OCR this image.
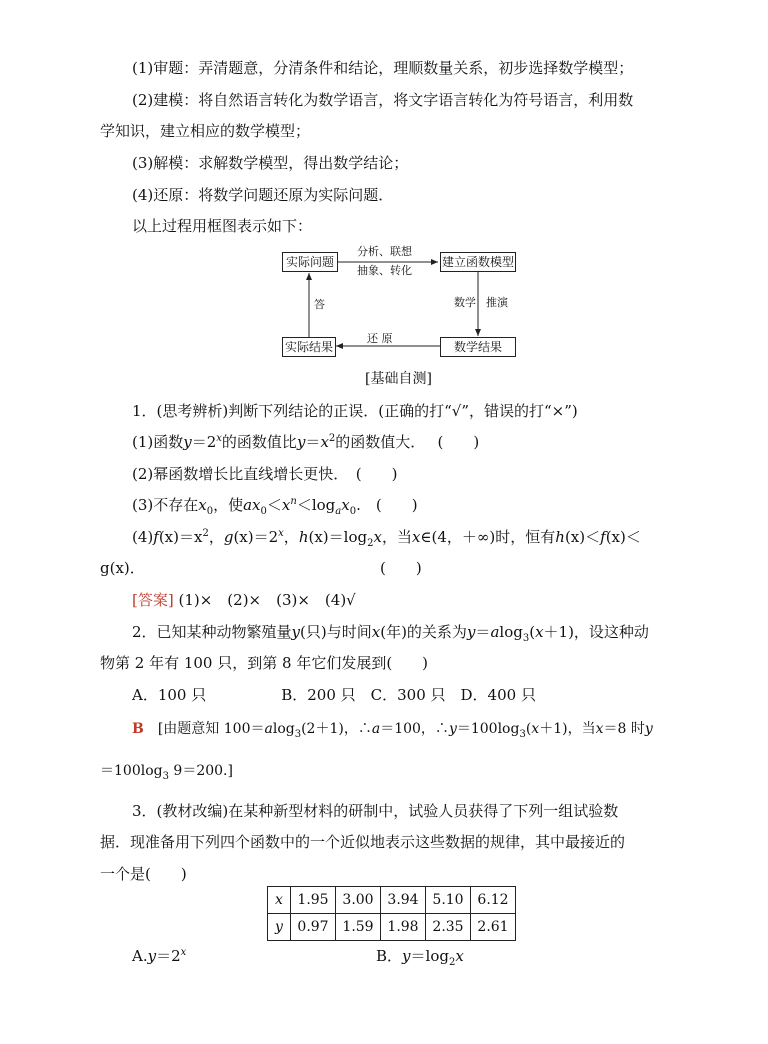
(1)审题：弄清题意，分清条件和结论，理顺数量关系，初步选择数学模型；
(2)建模：将自然语言转化为数学语言，将文字语言转化为符号语言，利用数
学知识，建立相应的数学模型；
(3)解模：求解数学模型，得出数学结论；
(4)还原：将数学问题还原为实际问题．
以上过程用框图表示如下：
实际问题	建立函数模型
实际结果	数学结果
分析、联想
抽象、转化
数学 推演
还 原
答
[基础自测]
1．(思考辨析)判断下列结论的正误．(正确的打“√”，错误的打“×”)
(1)函数$y=2^x$的函数值比$y=x^2$的函数值大．　 (　　)
(2)幂函数增长比直线增长更快．　(　　)
(3)不存在$x_0$，使$ax_0<x^n<\log_ax_0$.　(　　)
$(4)f(x)=x^2$，$g(x)=2^x$，$h(x)=\log_2x$，当x∈(4，＋∞)时，恒有h(x)＜f(x)＜
g(x)．	(　　)
[答案] (1)×　(2)×　(3)×　(4)√
2．已知某种动物繁殖量y(只)与时间x(年)的关系为y＝alog$_3$(x＋1)，设这种动
物第 2 年有 100 只，到第 8 年它们发展到(　　)
A．100 只　　　　　B．200 只　C．300 只　D．400 只
B　[由题意知 100＝alog$_3$(2＋1)，∴a＝100，$\therefore y=100\log_3(x+1)$，当x＝8 时y
$=100\log_3$ 9＝200.]
3．(教材改编)在某种新型材料的研制中，试验人员获得了下列一组试验数
据．现准备用下列四个函数中的一个近似地表示这些数据的规律，其中最接近的
一个是(　　)
x	1.95	3.00	3.94	5.10	6.12
y	0.97	1.59	1.98	2.35	2.61
$A.y=2^x$	B．$y=\log_2x$
